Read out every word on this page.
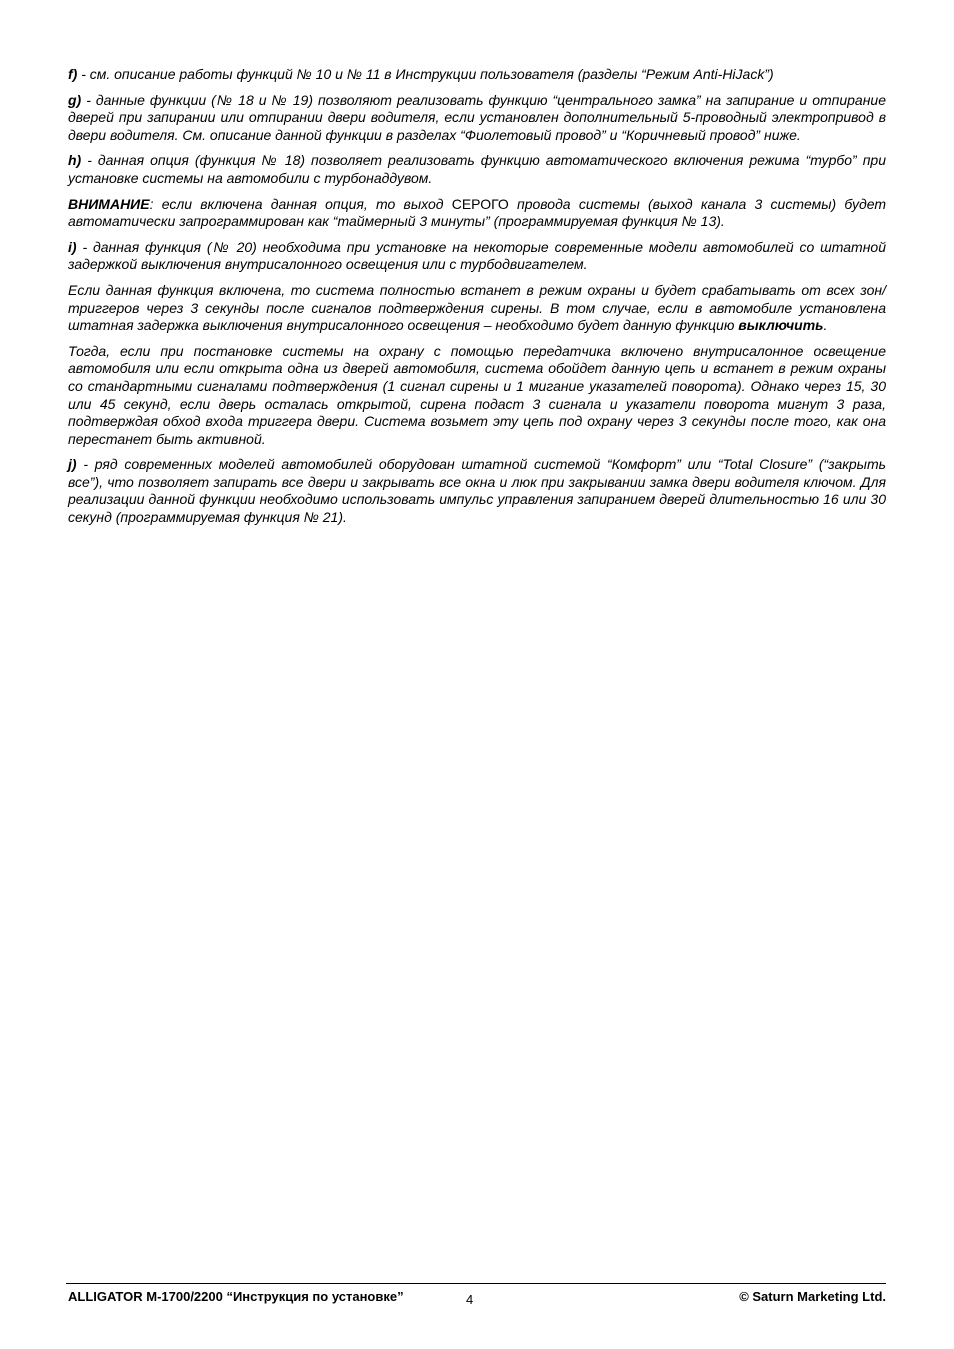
f) - см. описание работы функций № 10 и № 11 в Инструкции пользователя (разделы “Режим Anti-HiJack”)

g) - данные функции (№ 18 и № 19) позволяют реализовать функцию “центрального замка” на запирание и отпирание дверей при запирании или отпирании двери водителя, если установлен дополнительный 5-проводный электропривод в двери водителя. См. описание данной функции в разделах “Фиолетовый провод” и “Коричневый провод” ниже.

h) - данная опция (функция № 18) позволяет реализовать функцию автоматического включения режима “турбо” при установке системы на автомобили с турбонаддувом.

ВНИМАНИЕ: если включена данная опция, то выход СЕРОГО провода системы (выход канала 3 системы) будет автоматически запрограммирован как “таймерный 3 минуты” (программируемая функция № 13).

i) - данная функция (№ 20) необходима при установке на некоторые современные модели автомобилей со штатной задержкой выключения внутрисалонного освещения или с турбодвигателем.

Если данная функция включена, то система полностью встанет в режим охраны и будет срабатывать от всех зон/триггеров через 3 секунды после сигналов подтверждения сирены. В том случае, если в автомобиле установлена штатная задержка выключения внутрисалонного освещения – необходимо будет данную функцию выключить.

Тогда, если при постановке системы на охрану с помощью передатчика включено внутрисалонное освещение автомобиля или если открыта одна из дверей автомобиля, система обойдет данную цепь и встанет в режим охраны со стандартными сигналами подтверждения (1 сигнал сирены и 1 мигание указателей поворота). Однако через 15, 30 или 45 секунд, если дверь осталась открытой, сирена подаст 3 сигнала и указатели поворота мигнут 3 раза, подтверждая обход входа триггера двери. Система возьмет эту цепь под охрану через 3 секунды после того, как она перестанет быть активной.

j) - ряд современных моделей автомобилей оборудован штатной системой “Комфорт” или “Total Closure” (“закрыть все”), что позволяет запирать все двери и закрывать все окна и люк при закрывании замка двери водителя ключом. Для реализации данной функции необходимо использовать импульс управления запиранием дверей длительностью 16 или 30 секунд (программируемая функция № 21).

ALLIGATOR M-1700/2200 “Инструкция по установке”	4	© Saturn Marketing Ltd.
